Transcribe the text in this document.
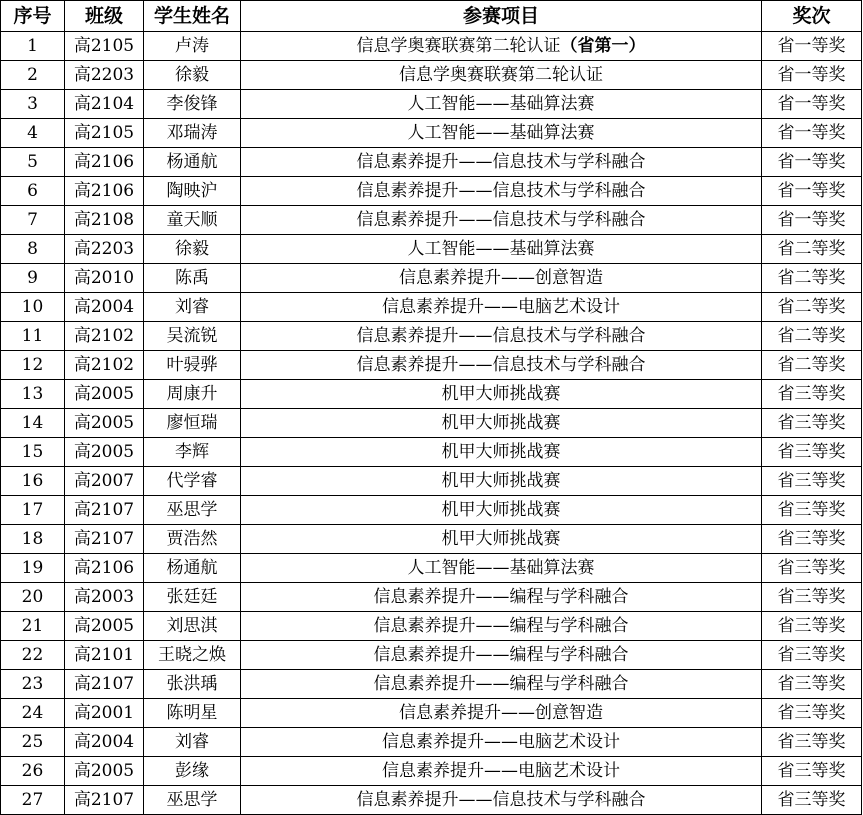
序号	班级	学生姓名	参赛项目	奖次
1	高2105	卢涛	信息学奥赛联赛第二轮认证（省第一）	省一等奖
2	高2203	徐毅	信息学奥赛联赛第二轮认证	省一等奖
3	高2104	李俊锋	人工智能——基础算法赛	省一等奖
4	高2105	邓瑞涛	人工智能——基础算法赛	省一等奖
5	高2106	杨通航	信息素养提升——信息技术与学科融合	省一等奖
6	高2106	陶映沪	信息素养提升——信息技术与学科融合	省一等奖
7	高2108	童天顺	信息素养提升——信息技术与学科融合	省一等奖
8	高2203	徐毅	人工智能——基础算法赛	省二等奖
9	高2010	陈禹	信息素养提升——创意智造	省二等奖
10	高2004	刘睿	信息素养提升——电脑艺术设计	省二等奖
11	高2102	吴流锐	信息素养提升——信息技术与学科融合	省二等奖
12	高2102	叶骎骅	信息素养提升——信息技术与学科融合	省二等奖
13	高2005	周康升	机甲大师挑战赛	省三等奖
14	高2005	廖恒瑞	机甲大师挑战赛	省三等奖
15	高2005	李辉	机甲大师挑战赛	省三等奖
16	高2007	代学睿	机甲大师挑战赛	省三等奖
17	高2107	巫思学	机甲大师挑战赛	省三等奖
18	高2107	贾浩然	机甲大师挑战赛	省三等奖
19	高2106	杨通航	人工智能——基础算法赛	省三等奖
20	高2003	张廷廷	信息素养提升——编程与学科融合	省三等奖
21	高2005	刘思淇	信息素养提升——编程与学科融合	省三等奖
22	高2101	王晓之焕	信息素养提升——编程与学科融合	省三等奖
23	高2107	张洪瑀	信息素养提升——编程与学科融合	省三等奖
24	高2001	陈明星	信息素养提升——创意智造	省三等奖
25	高2004	刘睿	信息素养提升——电脑艺术设计	省三等奖
26	高2005	彭缘	信息素养提升——电脑艺术设计	省三等奖
27	高2107	巫思学	信息素养提升——信息技术与学科融合	省三等奖
